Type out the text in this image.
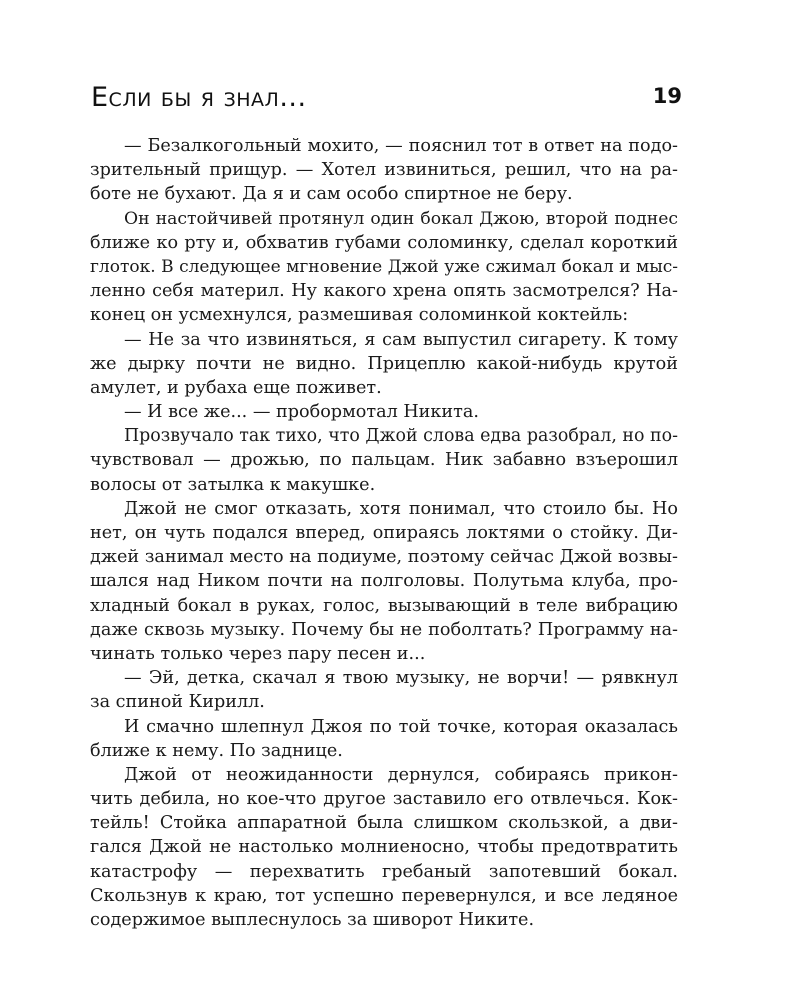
Если бы я знал...	19
— Безалкогольный мохито, — пояснил тот в ответ на подо-
зрительный прищур. — Хотел извиниться, решил, что на ра-
боте не бухают. Да я и сам особо спиртное не беру.
Он настойчивей протянул один бокал Джою, второй поднес
ближе ко рту и, обхватив губами соломинку, сделал короткий
глоток. В следующее мгновение Джой уже сжимал бокал и мыс-
ленно себя материл. Ну какого хрена опять засмотрелся? На-
конец он усмехнулся, размешивая соломинкой коктейль:
— Не за что извиняться, я сам выпустил сигарету. К тому
же дырку почти не видно. Прицеплю какой-нибудь крутой
амулет, и рубаха еще поживет.
— И все же... — пробормотал Никита.
Прозвучало так тихо, что Джой слова едва разобрал, но по-
чувствовал — дрожью, по пальцам. Ник забавно взъерошил
волосы от затылка к макушке.
Джой не смог отказать, хотя понимал, что стоило бы. Но
нет, он чуть подался вперед, опираясь локтями о стойку. Ди-
джей занимал место на подиуме, поэтому сейчас Джой возвы-
шался над Ником почти на полголовы. Полутьма клуба, про-
хладный бокал в руках, голос, вызывающий в теле вибрацию
даже сквозь музыку. Почему бы не поболтать? Программу на-
чинать только через пару песен и...
— Эй, детка, скачал я твою музыку, не ворчи! — рявкнул
за спиной Кирилл.
И смачно шлепнул Джоя по той точке, которая оказалась
ближе к нему. По заднице.
Джой от неожиданности дернулся, собираясь прикон-
чить дебила, но кое-что другое заставило его отвлечься. Кок-
тейль! Стойка аппаратной была слишком скользкой, а дви-
гался Джой не настолько молниеносно, чтобы предотвратить
катастрофу — перехватить гребаный запотевший бокал.
Скользнув к краю, тот успешно перевернулся, и все ледяное
содержимое выплеснулось за шиворот Никите.
